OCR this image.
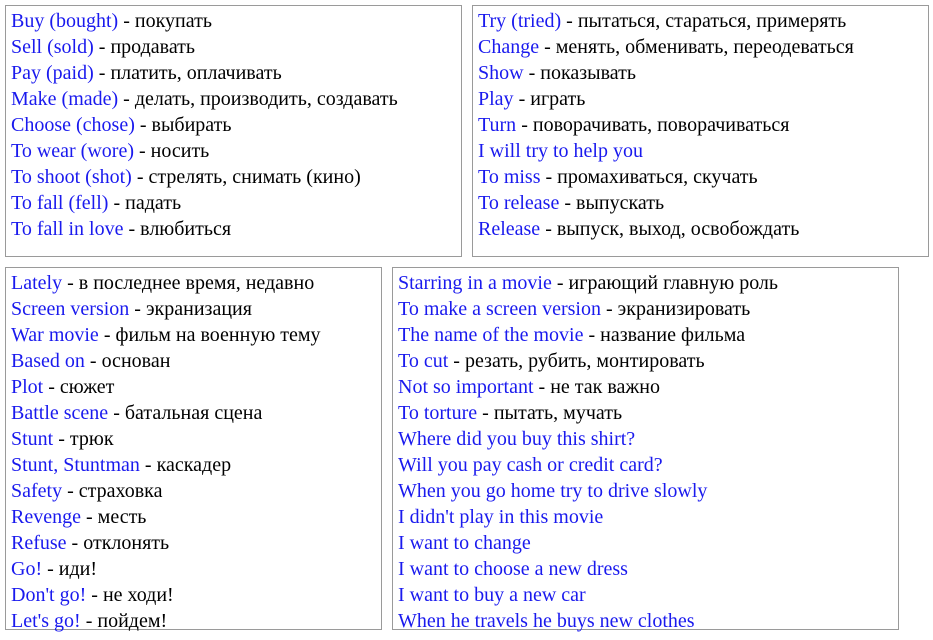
Buy (bought) - покупать
Sell (sold) - продавать
Pay (paid) - платить, оплачивать
Make (made) - делать, производить, создавать
Choose (chose) - выбирать
To wear (wore) - носить
To shoot (shot) - стрелять, снимать (кино)
To fall (fell) - падать
To fall in love - влюбиться
Try (tried) - пытаться, стараться, примерять
Change - менять, обменивать, переодеваться
Show - показывать
Play - играть
Turn - поворачивать, поворачиваться
I will try to help you
To miss - промахиваться, скучать
To release - выпускать
Release - выпуск, выход, освобождать
Lately - в последнее время, недавно
Screen version - экранизация
War movie - фильм на военную тему
Based on - основан
Plot - сюжет
Battle scene - батальная сцена
Stunt - трюк
Stunt, Stuntman - каскадер
Safety - страховка
Revenge - месть
Refuse - отклонять
Go! - иди!
Don't go! - не ходи!
Let's go! - пойдем!
Starring in a movie - играющий главную роль
To make a screen version - экранизировать
The name of the movie - название фильма
To cut - резать, рубить, монтировать
Not so important - не так важно
To torture - пытать, мучать
Where did you buy this shirt?
Will you pay cash or credit card?
When you go home try to drive slowly
I didn't play in this movie
I want to change
I want to choose a new dress
I want to buy a new car
When he travels he buys new clothes
